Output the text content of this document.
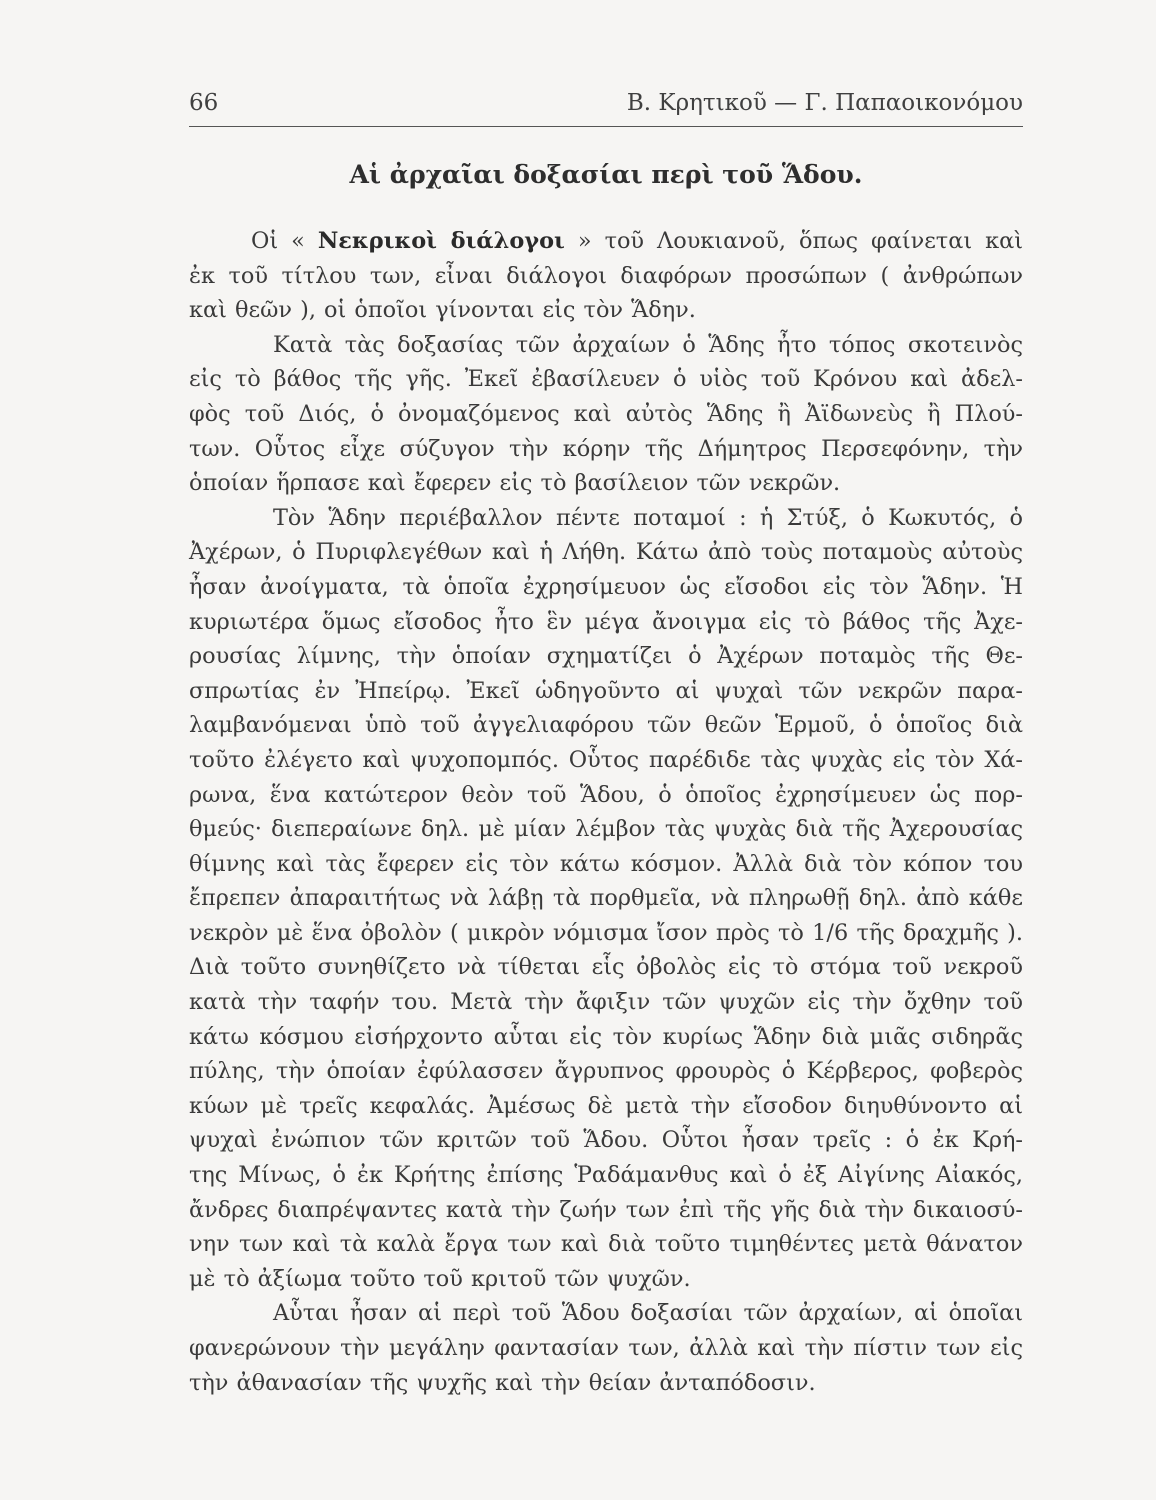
66	Β. Κρητικοῦ — Γ. Παπαοικονόμου
Αἱ ἀρχαῖαι δοξασίαι περὶ τοῦ Ἅδου.
Οἱ « Νεκρικοὶ διάλογοι » τοῦ Λουκιανοῦ, ὅπως φαίνεται καὶ
ἐκ τοῦ τίτλου των, εἶναι διάλογοι διαφόρων προσώπων ( ἀνθρώπων
καὶ θεῶν ), οἱ ὁποῖοι γίνονται εἰς τὸν Ἅδην.
Κατὰ τὰς δοξασίας τῶν ἀρχαίων ὁ Ἅδης ἦτο τόπος σκοτεινὸς
εἰς τὸ βάθος τῆς γῆς. Ἐκεῖ ἐβασίλευεν ὁ υἱὸς τοῦ Κρόνου καὶ ἀδελ-
φὸς τοῦ Διός, ὁ ὀνομαζόμενος καὶ αὐτὸς Ἅδης ἢ Ἀϊδωνεὺς ἢ Πλού-
των. Οὗτος εἶχε σύζυγον τὴν κόρην τῆς Δήμητρος Περσεφόνην, τὴν
ὁποίαν ἥρπασε καὶ ἔφερεν εἰς τὸ βασίλειον τῶν νεκρῶν.
Τὸν Ἅδην περιέβαλλον πέντε ποταμοί : ἡ Στύξ, ὁ Κωκυτός, ὁ
Ἀχέρων, ὁ Πυριφλεγέθων καὶ ἡ Λήθη. Κάτω ἀπὸ τοὺς ποταμοὺς αὐτοὺς
ἦσαν ἀνοίγματα, τὰ ὁποῖα ἐχρησίμευον ὡς εἴσοδοι εἰς τὸν Ἅδην. Ἡ
κυριωτέρα ὅμως εἴσοδος ἦτο ἓν μέγα ἄνοιγμα εἰς τὸ βάθος τῆς Ἀχε-
ρουσίας λίμνης, τὴν ὁποίαν σχηματίζει ὁ Ἀχέρων ποταμὸς τῆς Θε-
σπρωτίας ἐν Ἠπείρῳ. Ἐκεῖ ὡδηγοῦντο αἱ ψυχαὶ τῶν νεκρῶν παρα-
λαμβανόμεναι ὑπὸ τοῦ ἀγγελιαφόρου τῶν θεῶν Ἑρμοῦ, ὁ ὁποῖος διὰ
τοῦτο ἐλέγετο καὶ ψυχοπομπός. Οὗτος παρέδιδε τὰς ψυχὰς εἰς τὸν Χά-
ρωνα, ἕνα κατώτερον θεὸν τοῦ Ἅδου, ὁ ὁποῖος ἐχρησίμευεν ὡς πορ-
θμεύς· διεπεραίωνε δηλ. μὲ μίαν λέμβον τὰς ψυχὰς διὰ τῆς Ἀχερουσίας
θίμνης καὶ τὰς ἔφερεν εἰς τὸν κάτω κόσμον. Ἀλλὰ διὰ τὸν κόπον του
ἔπρεπεν ἀπαραιτήτως νὰ λάβῃ τὰ πορθμεῖα, νὰ πληρωθῇ δηλ. ἀπὸ κάθε
νεκρὸν μὲ ἕνα ὀβολὸν ( μικρὸν νόμισμα ἴσον πρὸς τὸ 1/6 τῆς δραχμῆς ).
Διὰ τοῦτο συνηθίζετο νὰ τίθεται εἷς ὀβολὸς εἰς τὸ στόμα τοῦ νεκροῦ
κατὰ τὴν ταφήν του. Μετὰ τὴν ἄφιξιν τῶν ψυχῶν εἰς τὴν ὄχθην τοῦ
κάτω κόσμου εἰσήρχοντο αὗται εἰς τὸν κυρίως Ἅδην διὰ μιᾶς σιδηρᾶς
πύλης, τὴν ὁποίαν ἐφύλασσεν ἄγρυπνος φρουρὸς ὁ Κέρβερος, φοβερὸς
κύων μὲ τρεῖς κεφαλάς. Ἀμέσως δὲ μετὰ τὴν εἴσοδον διηυθύνοντο αἱ
ψυχαὶ ἐνώπιον τῶν κριτῶν τοῦ Ἅδου. Οὗτοι ἦσαν τρεῖς : ὁ ἐκ Κρή-
της Μίνως, ὁ ἐκ Κρήτης ἐπίσης Ῥαδάμανθυς καὶ ὁ ἐξ Αἰγίνης Αἰακός,
ἄνδρες διαπρέψαντες κατὰ τὴν ζωήν των ἐπὶ τῆς γῆς διὰ τὴν δικαιοσύ-
νην των καὶ τὰ καλὰ ἔργα των καὶ διὰ τοῦτο τιμηθέντες μετὰ θάνατον
μὲ τὸ ἀξίωμα τοῦτο τοῦ κριτοῦ τῶν ψυχῶν.
Αὗται ἦσαν αἱ περὶ τοῦ Ἅδου δοξασίαι τῶν ἀρχαίων, αἱ ὁποῖαι
φανερώνουν τὴν μεγάλην φαντασίαν των, ἀλλὰ καὶ τὴν πίστιν των εἰς
τὴν ἀθανασίαν τῆς ψυχῆς καὶ τὴν θείαν ἀνταπόδοσιν.
